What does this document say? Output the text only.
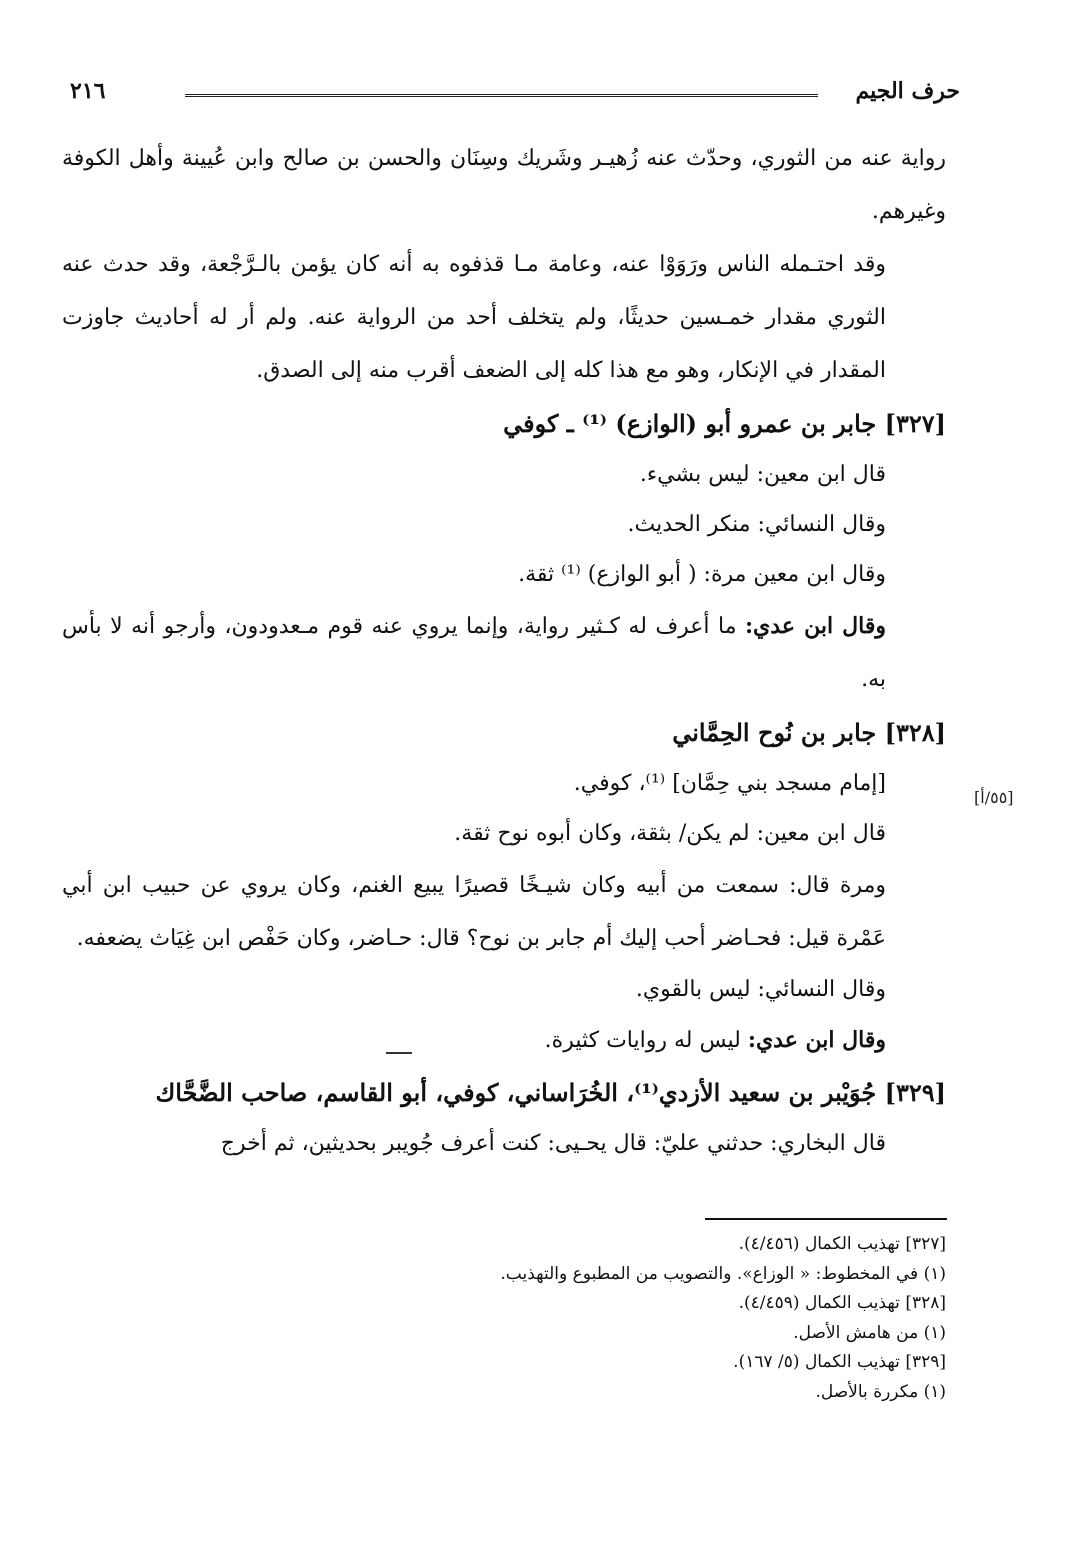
حرف الجيم
٢١٦
[٥٥/أ]

رواية عنه من الثوري، وحدّث عنه زُهيـر وشَريك وسِنَان والحسن بن صالح وابن عُيينة وأهل الكوفة وغيرهم.

وقد احتـمله الناس ورَوَوْا عنه، وعامة مـا قذفوه به أنه كان يؤمن بالـرَّجْعة، وقد حدث عنه الثوري مقدار خمـسين حديثًا، ولم يتخلف أحد من الرواية عنه. ولم أر له أحاديث جاوزت المقدار في الإنكار، وهو مع هذا كله إلى الضعف أقرب منه إلى الصدق.

[٣٢٧] جابر بن عمرو أبو (الوازع) ⁽¹⁾ ـ كوفي

قال ابن معين: ليس بشيء.

وقال النسائي: منكر الحديث.

وقال ابن معين مرة: ( أبو الوازع) ⁽¹⁾ ثقة.

وقال ابن عدي: ما أعرف له كـثير رواية، وإنما يروي عنه قوم مـعدودون، وأرجو أنه لا بأس به.

[٣٢٨] جابر بن نُوح الحِمَّاني

[إمام مسجد بني حِمَّان] ⁽¹⁾، كوفي.

قال ابن معين: لم يكن/ بثقة، وكان أبوه نوح ثقة.

ومرة قال: سمعت من أبيه وكان شيـخًا قصيرًا يبيع الغنم، وكان يروي عن حبيب ابن أبي عَمْرة قيل: فحـاضر أحب إليك أم جابر بن نوح؟ قال: حـاضر، وكان حَفْص ابن غِيَاث يضعفه.

وقال النسائي: ليس بالقوي.

وقال ابن عدي: ليس له روايات كثيرة.

[٣٢٩] جُوَيْبر بن سعيد الأزدي⁽¹⁾، الخُرَاساني، كوفي، أبو القاسم، صاحب الضَّحَّاك

قال البخاري: حدثني عليّ: قال يحـيى: كنت أعرف جُويبر بحديثين، ثم أخرج

[٣٢٧] تهذيب الكمال (٤/٤٥٦).

(١) في المخطوط: « الوزاع». والتصويب من المطبوع والتهذيب.

[٣٢٨] تهذيب الكمال (٤/٤٥٩).

(١) من هامش الأصل.

[٣٢٩] تهذيب الكمال (٥/ ١٦٧).

(١) مكررة بالأصل.
